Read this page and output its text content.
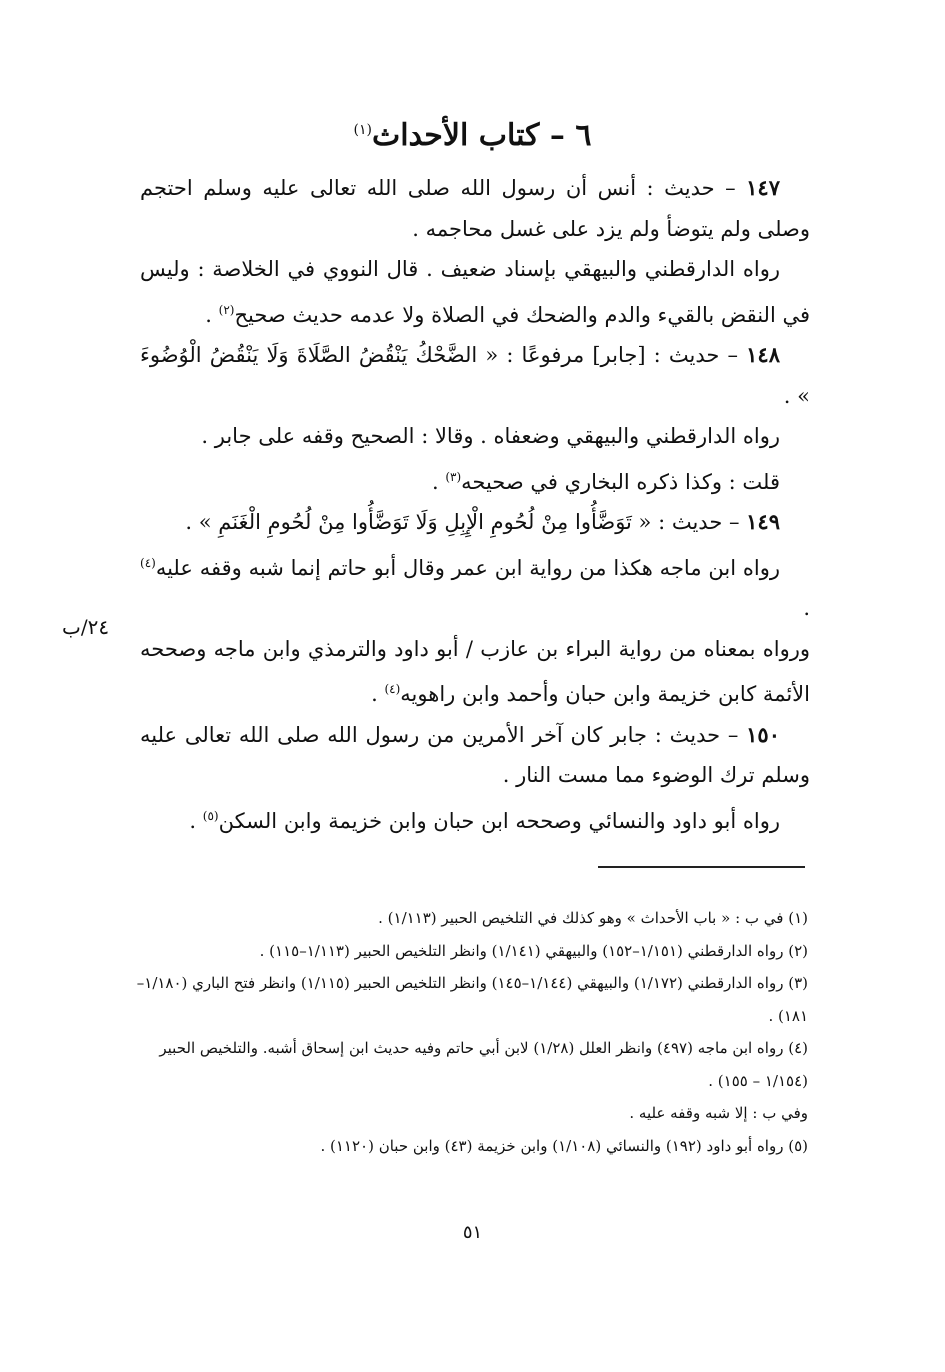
٦ – كتاب الأحداث$^{(١)}$

١٤٧ – حديث : أنس أن رسول الله صلى الله تعالى عليه وسلم احتجم وصلى ولم يتوضأ ولم يزد على غسل محاجمه .

رواه الدارقطني والبيهقي بإسناد ضعيف . قال النووي في الخلاصة : وليس في النقض بالقيء والدم والضحك في الصلاة ولا عدمه حديث صحيح$^{(٢)}$ .

١٤٨ – حديث : [جابر] مرفوعًا : « الضَّحْكُ يَنْقُضُ الصَّلَاةَ وَلَا يَنْقُضُ الْوُضُوءَ » .

رواه الدارقطني والبيهقي وضعفاه . وقالا : الصحيح وقفه على جابر .

قلت : وكذا ذكره البخاري في صحيحه$^{(٣)}$ .

١٤٩ – حديث : « تَوَضَّأُوا مِنْ لُحُومِ الْإِبِلِ وَلَا تَوَضَّأُوا مِنْ لُحُومِ الْغَنَمِ » .

رواه ابن ماجه هكذا من رواية ابن عمر وقال أبو حاتم إنما شبه وقفه عليه$^{(٤)}$ .

ورواه بمعناه من رواية البراء بن عازب / أبو داود والترمذي وابن ماجه وصححه الأئمة كابن خزيمة وابن حبان وأحمد وابن راهويه$^{(٤)}$ .

١٥٠ – حديث : جابر كان آخر الأمرين من رسول الله صلى الله تعالى عليه وسلم ترك الوضوء مما مست النار .

رواه أبو داود والنسائي وصححه ابن حبان وابن خزيمة وابن السكن$^{(٥)}$ .

٢٤/ب

(١) في ب : « باب الأحداث » وهو كذلك في التلخيص الحبير (١/١١٣) .

(٢) رواه الدارقطني (١/١٥١–١٥٢) والبيهقي (١/١٤١) وانظر التلخيص الحبير (١/١١٣–١١٥) .

(٣) رواه الدارقطني (١/١٧٢) والبيهقي (١/١٤٤–١٤٥) وانظر التلخيص الحبير (١/١١٥) وانظر فتح الباري (١/١٨٠–١٨١) .

(٤) رواه ابن ماجه (٤٩٧) وانظر العلل (١/٢٨) لابن أبي حاتم وفيه حديث ابن إسحاق أشبه. والتلخيص الحبير (١/١٥٤ – ١٥٥) .

وفي ب : إلا شبه وقفه عليه .

(٥) رواه أبو داود (١٩٢) والنسائي (١/١٠٨) وابن خزيمة (٤٣) وابن حبان (١١٢٠) .

٥١
